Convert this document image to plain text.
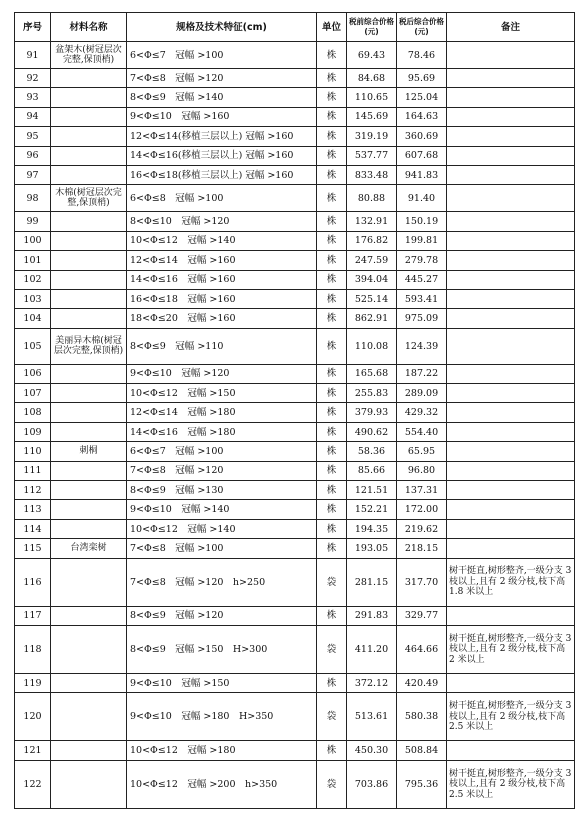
序号	材料名称	规格及技术特征(cm)	单位	税前综合价格(元)	税后综合价格(元)	备注
91	盆架木(树冠层次完整,保顶梢)	6<Φ≤7　冠幅 >100	株	69.43	78.46	
92		7<Φ≤8　冠幅 >120	株	84.68	95.69	
93		8<Φ≤9　冠幅 >140	株	110.65	125.04	
94		9<Φ≤10　冠幅 >160	株	145.69	164.63	
95		12<Φ≤14(移植三层以上) 冠幅 >160	株	319.19	360.69	
96		14<Φ≤16(移植三层以上) 冠幅 >160	株	537.77	607.68	
97		16<Φ≤18(移植三层以上) 冠幅 >160	株	833.48	941.83	
98	木棉(树冠层次完整,保顶梢)	6<Φ≤8　冠幅 >100	株	80.88	91.40	
99		8<Φ≤10　冠幅 >120	株	132.91	150.19	
100		10<Φ≤12　冠幅 >140	株	176.82	199.81	
101		12<Φ≤14　冠幅 >160	株	247.59	279.78	
102		14<Φ≤16　冠幅 >160	株	394.04	445.27	
103		16<Φ≤18　冠幅 >160	株	525.14	593.41	
104		18<Φ≤20　冠幅 >160	株	862.91	975.09	
105	美丽异木棉(树冠层次完整,保顶梢)	8<Φ≤9　冠幅 >110	株	110.08	124.39	
106		9<Φ≤10　冠幅 >120	株	165.68	187.22	
107		10<Φ≤12　冠幅 >150	株	255.83	289.09	
108		12<Φ≤14　冠幅 >180	株	379.93	429.32	
109		14<Φ≤16　冠幅 >180	株	490.62	554.40	
110	刺桐	6<Φ≤7　冠幅 >100	株	58.36	65.95	
111		7<Φ≤8　冠幅 >120	株	85.66	96.80	
112		8<Φ≤9　冠幅 >130	株	121.51	137.31	
113		9<Φ≤10　冠幅 >140	株	152.21	172.00	
114		10<Φ≤12　冠幅 >140	株	194.35	219.62	
115	台湾栾树	7<Φ≤8　冠幅 >100	株	193.05	218.15	
116		7<Φ≤8　冠幅 >120　h>250	袋	281.15	317.70	树干挺直,树形整齐,一级分支 3 枝以上,且有 2 级分枝,枝下高 1.8 米以上
117		8<Φ≤9　冠幅 >120	株	291.83	329.77	
118		8<Φ≤9　冠幅 >150　H>300	袋	411.20	464.66	树干挺直,树形整齐,一级分支 3 枝以上,且有 2 级分枝,枝下高 2 米以上
119		9<Φ≤10　冠幅 >150	株	372.12	420.49	
120		9<Φ≤10　冠幅 >180　H>350	袋	513.61	580.38	树干挺直,树形整齐,一级分支 3 枝以上,且有 2 级分枝,枝下高 2.5 米以上
121		10<Φ≤12　冠幅 >180	株	450.30	508.84	
122		10<Φ≤12　冠幅 >200　h>350	袋	703.86	795.36	树干挺直,树形整齐,一级分支 3 枝以上,且有 2 级分枝,枝下高 2.5 米以上
